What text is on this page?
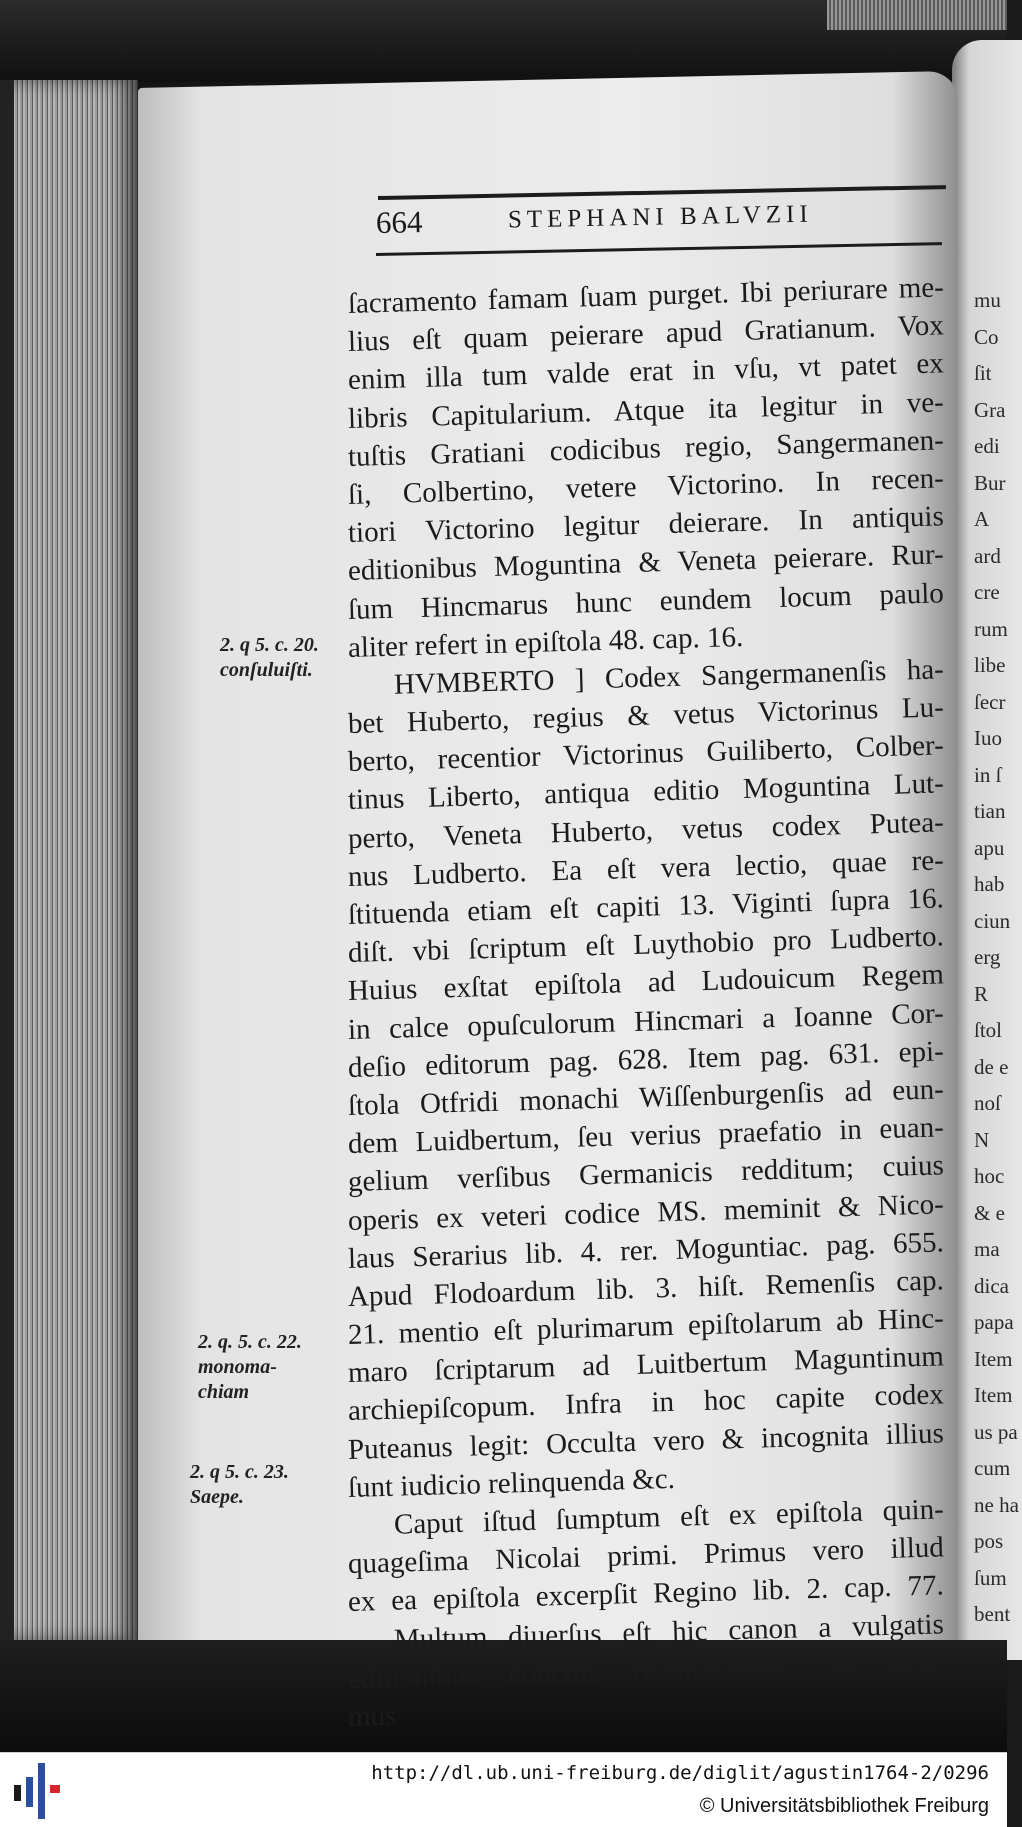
mu
Co
ſit
Gra
edi
Bur
A
ard
cre
rum
libe
ſecr
Iuo
in ſ
tian
apu
hab
ciun
erg
R
ſtol
de e
noſ
N
hoc
& e
ma
dica
papa
Item
Item
us pa
cum
ne ha
pos
ſum
bent
664	STEPHANI BALVZII
ſacramento famam ſuam purget. Ibi periurare me-
lius eſt quam peierare apud Gratianum. Vox
enim illa tum valde erat in vſu, vt patet ex
libris Capitularium. Atque ita legitur in ve-
tuſtis Gratiani codicibus regio, Sangermanen-
ſi, Colbertino, vetere Victorino. In recen-
tiori Victorino legitur deierare. In antiquis
editionibus Moguntina & Veneta peierare. Rur-
ſum Hincmarus hunc eundem locum paulo
aliter refert in epiſtola 48. cap. 16.
HVMBERTO ] Codex Sangermanenſis ha-
bet Huberto, regius & vetus Victorinus Lu-
berto, recentior Victorinus Guiliberto, Colber-
tinus Liberto, antiqua editio Moguntina Lut-
perto, Veneta Huberto, vetus codex Putea-
nus Ludberto. Ea eſt vera lectio, quae re-
ſtituenda etiam eſt capiti 13. Viginti ſupra 16.
diſt. vbi ſcriptum eſt Luythobio pro Ludberto.
Huius exſtat epiſtola ad Ludouicum Regem
in calce opuſculorum Hincmari a Ioanne Cor-
deſio editorum pag. 628. Item pag. 631. epi-
ſtola Otfridi monachi Wiſſenburgenſis ad eun-
dem Luidbertum, ſeu verius praefatio in euan-
gelium verſibus Germanicis redditum; cuius
operis ex veteri codice MS. meminit & Nico-
laus Serarius lib. 4. rer. Moguntiac. pag. 655.
Apud Flodoardum lib. 3. hiſt. Remenſis cap.
21. mentio eſt plurimarum epiſtolarum ab Hinc-
maro ſcriptarum ad Luitbertum Maguntinum
archiepiſcopum. Infra in hoc capite codex
Puteanus legit: Occulta vero & incognita illius
ſunt iudicio relinquenda &c.
Caput iſtud ſumptum eſt ex epiſtola quin-
quageſima Nicolai primi. Primus vero illud
ex ea epiſtola excerpſit Regino lib. 2. cap. 77.
Multum diuerſus eſt hic canon a vulgatis
editionibus concilii Wormacienſis, vti dixi-
mus
2. q 5. c. 20.
conſuluiſti.
2. q. 5. c. 22.
monoma-
chiam
2. q 5. c. 23.
Saepe.
http://dl.ub.uni-freiburg.de/diglit/agustin1764-2/0296
© Universitätsbibliothek Freiburg
